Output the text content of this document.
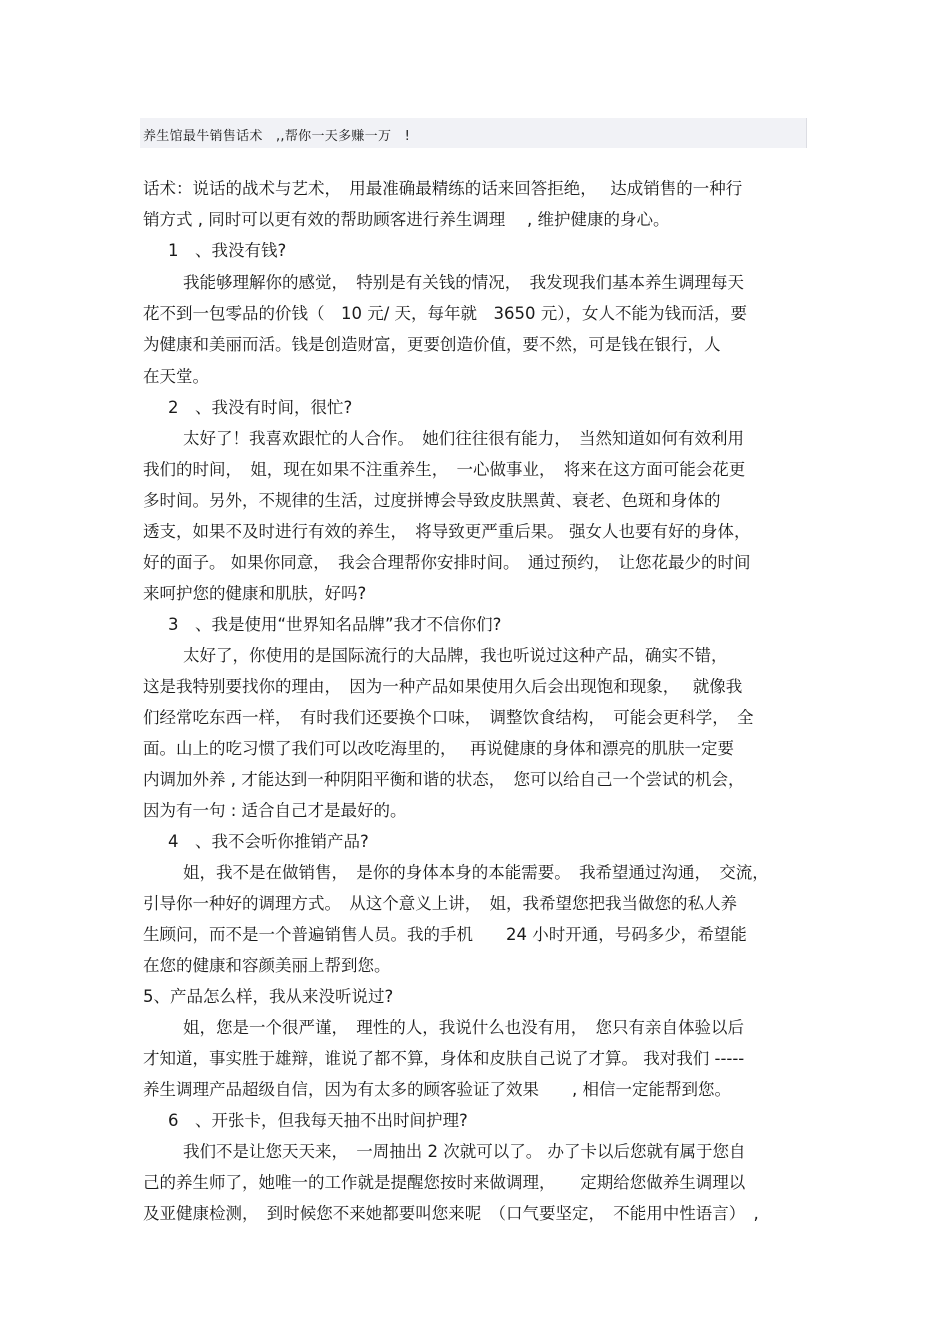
养生馆最牛销售话术　,,帮你一天多赚一万　!
话术：说话的战术与艺术，　用最准确最精练的话来回答拒绝，　 达成销售的一种行
销方式 , 同时可以更有效的帮助顾客进行养生调理　 , 维护健康的身心。
1　、我没有钱?
我能够理解你的感觉，　特别是有关钱的情况，　我发现我们基本养生调理每天
花不到一包零品的价钱（　10 元/ 天，每年就　3650 元），女人不能为钱而活，要
为健康和美丽而活。钱是创造财富，更要创造价值，要不然，可是钱在银行，人
在天堂。
2　、我没有时间，很忙?
太好了！我喜欢跟忙的人合作。　她们往往很有能力，　当然知道如何有效利用
我们的时间，　姐，现在如果不注重养生，　一心做事业，　将来在这方面可能会花更
多时间。另外，不规律的生活，过度拼博会导致皮肤黑黄、衰老、色斑和身体的
透支，如果不及时进行有效的养生，　将导致更严重后果。 强女人也要有好的身体，
好的面子。 如果你同意，　我会合理帮你安排时间。　通过预约，　让您花最少的时间
来呵护您的健康和肌肤，好吗?
3　、我是使用“世界知名品牌”我才不信你们?
太好了，你使用的是国际流行的大品牌，我也听说过这种产品，确实不错，
这是我特别要找你的理由，　因为一种产品如果使用久后会出现饱和现象，　 就像我
们经常吃东西一样，　有时我们还要换个口味，　调整饮食结构，　可能会更科学，　全
面。山上的吃习惯了我们可以改吃海里的，　 再说健康的身体和漂亮的肌肤一定要
内调加外养 , 才能达到一种阴阳平衡和谐的状态，　您可以给自己一个尝试的机会，
因为有一句 : 适合自己才是最好的。
4　、我不会听你推销产品?
姐，我不是在做销售，　是你的身体本身的本能需要。　我希望通过沟通，　交流，
引导你一种好的调理方式。　从这个意义上讲，　姐，我希望您把我当做您的私人养
生顾问，而不是一个普遍销售人员。我的手机　　24 小时开通，号码多少，希望能
在您的健康和容颜美丽上帮到您。
5、产品怎么样，我从来没听说过?
姐，您是一个很严谨，　理性的人，我说什么也没有用，　您只有亲自体验以后
才知道，事实胜于雄辩，谁说了都不算，身体和皮肤自己说了才算。 我对我们 -----
养生调理产品超级自信，因为有太多的顾客验证了效果　　, 相信一定能帮到您。
6　、开张卡，但我每天抽不出时间护理?
我们不是让您天天来，　一周抽出 2 次就可以了。 办了卡以后您就有属于您自
己的养生师了，她唯一的工作就是提醒您按时来做调理，　　定期给您做养生调理以
及亚健康检测，　到时候您不来她都要叫您来呢　（口气要坚定，　不能用中性语言）　,
